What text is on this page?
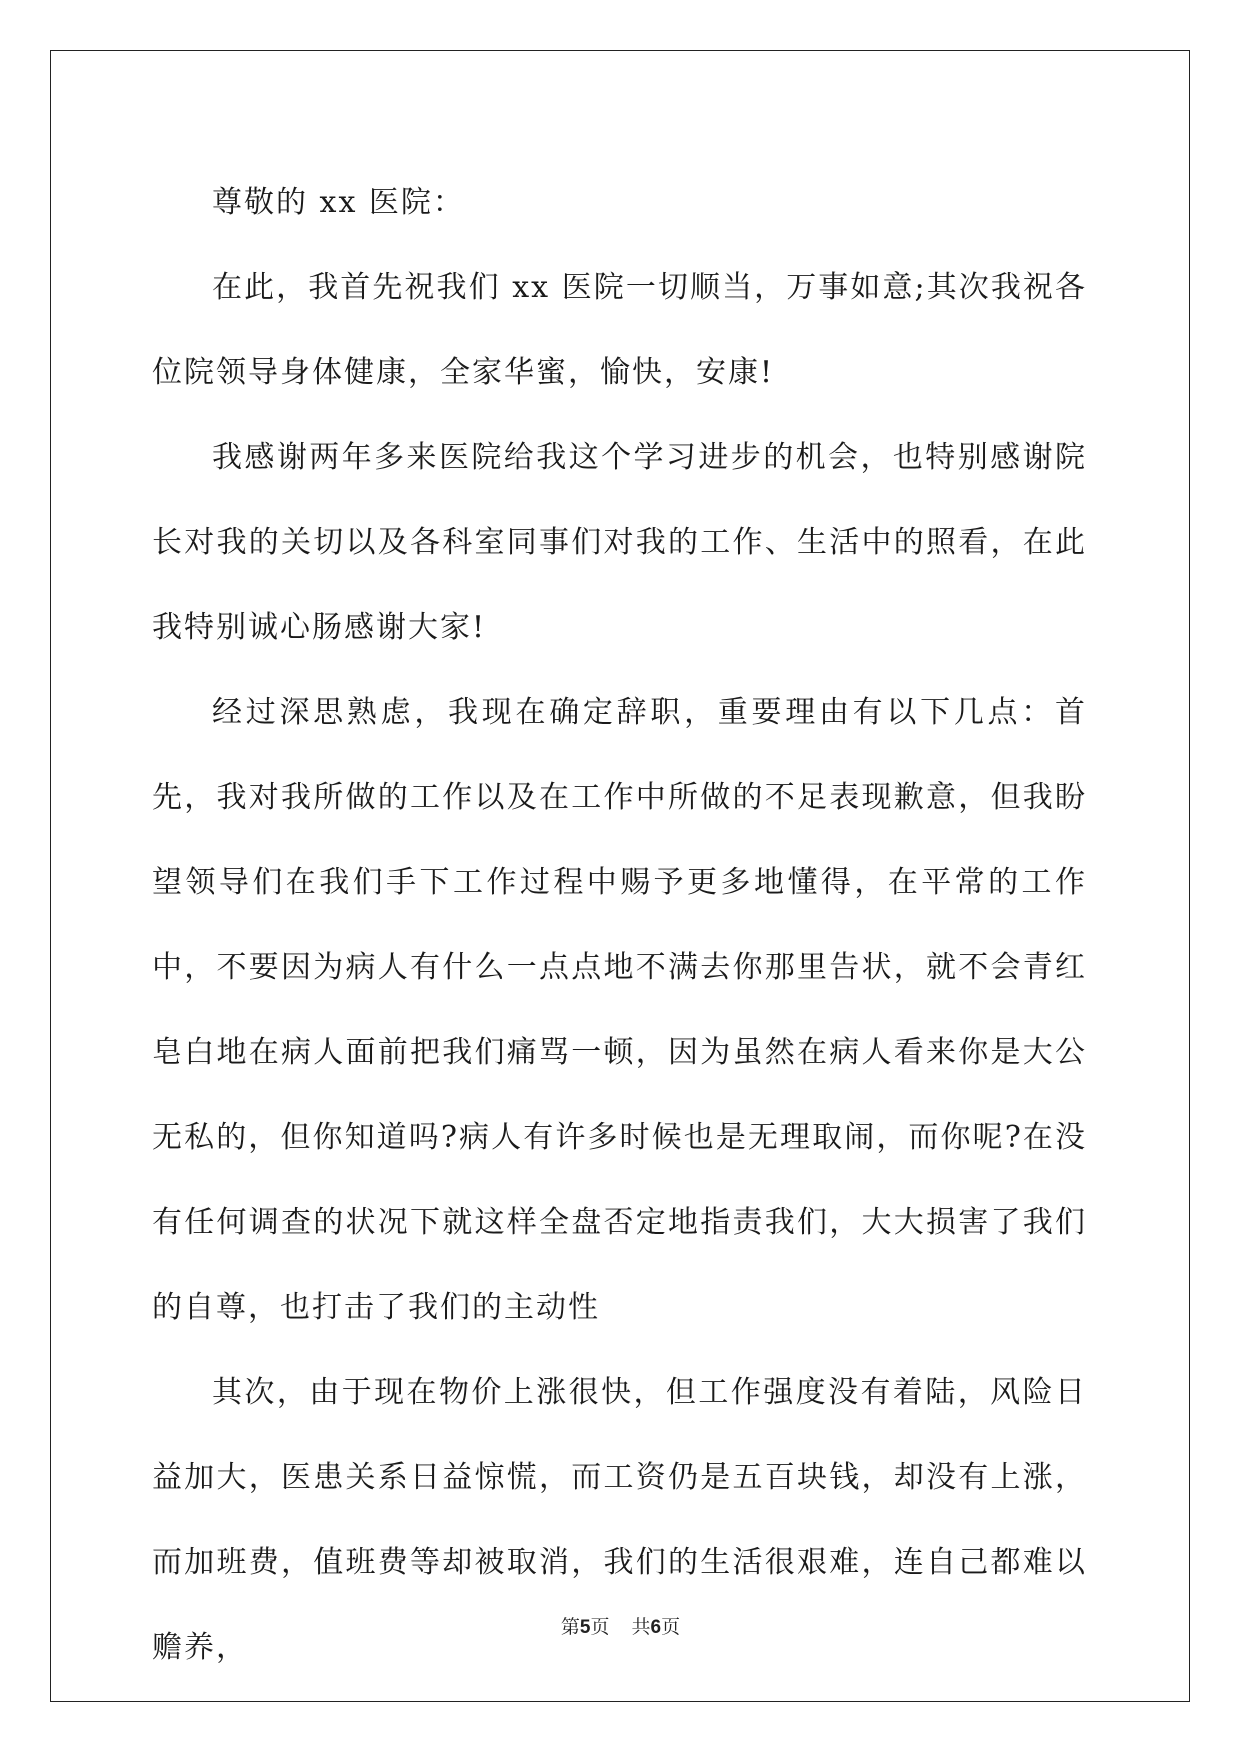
尊敬的 xx 医院：

在此，我首先祝我们 xx 医院一切顺当，万事如意;其次我祝各位院领导身体健康，全家华蜜，愉快，安康!

我感谢两年多来医院给我这个学习进步的机会，也特别感谢院长对我的关切以及各科室同事们对我的工作、生活中的照看，在此我特别诚心肠感谢大家!

经过深思熟虑，我现在确定辞职，重要理由有以下几点：首先，我对我所做的工作以及在工作中所做的不足表现歉意，但我盼望领导们在我们手下工作过程中赐予更多地懂得，在平常的工作中，不要因为病人有什么一点点地不满去你那里告状，就不会青红皂白地在病人面前把我们痛骂一顿，因为虽然在病人看来你是大公无私的，但你知道吗?病人有许多时候也是无理取闹，而你呢?在没有任何调查的状况下就这样全盘否定地指责我们，大大损害了我们的自尊，也打击了我们的主动性

其次，由于现在物价上涨很快，但工作强度没有着陆，风险日益加大，医患关系日益惊慌，而工资仍是五百块钱，却没有上涨，而加班费，值班费等却被取消，我们的生活很艰难，连自己都难以赡养，

第5页 共6页
